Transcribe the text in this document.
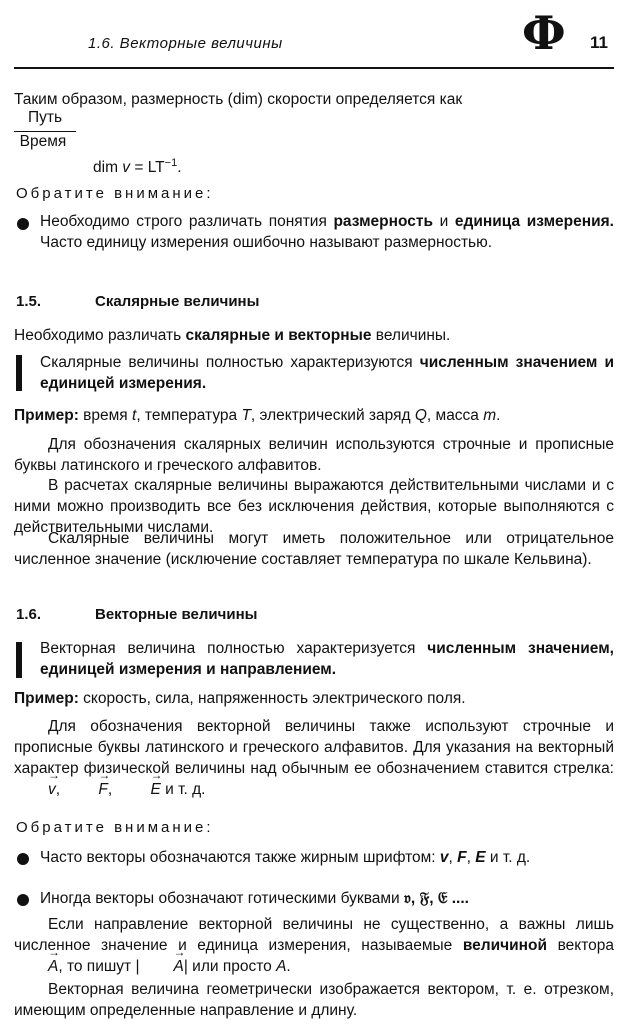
1.6. Векторные величины	Ф 11
Таким образом, размерность (dim) скорости определяется как
Путь
Время
dim $v = LT^{-1}$.
Обратите внимание:
Необходимо строго различать понятия размерность и единица измерения. Часто единицу измерения ошибочно называют размерностью.
1.5.	Скалярные величины
Необходимо различать скалярные и векторные величины.
Скалярные величины полностью характеризуются численным значением и единицей измерения.
Пример: время t, температура T, электрический заряд Q, масса m.
Для обозначения скалярных величин используются строчные и прописные буквы латинского и греческого алфавитов.
В расчетах скалярные величины выражаются действительными числами и с ними можно производить все без исключения действия, которые выполняются с действительными числами.
Скалярные величины могут иметь положительное или отрицательное численное значение (исключение составляет температура по шкале Кельвина).
1.6.	Векторные величины
Векторная величина полностью характеризуется численным значением, единицей измерения и направлением.
Пример: скорость, сила, напряженность электрического поля.
Для обозначения векторной величины также используют строчные и прописные буквы латинского и греческого алфавитов. Для указания на векторный характер физической величины над обычным ее обозначением ставится стрелка: → v, → F, → E и т. д.
Обратите внимание:
Часто векторы обозначаются также жирным шрифтом: v, F, E и т. д.
Иногда векторы обозначают готическими буквами 𝔳, 𝔉, 𝔈 ....
Если направление векторной величины не существенно, а важны лишь численное значение и единица измерения, называемые величиной вектора → A, то пишут |→ A| или просто A.
Векторная величина геометрически изображается вектором, т. е. отрезком, имеющим определенные направление и длину.
